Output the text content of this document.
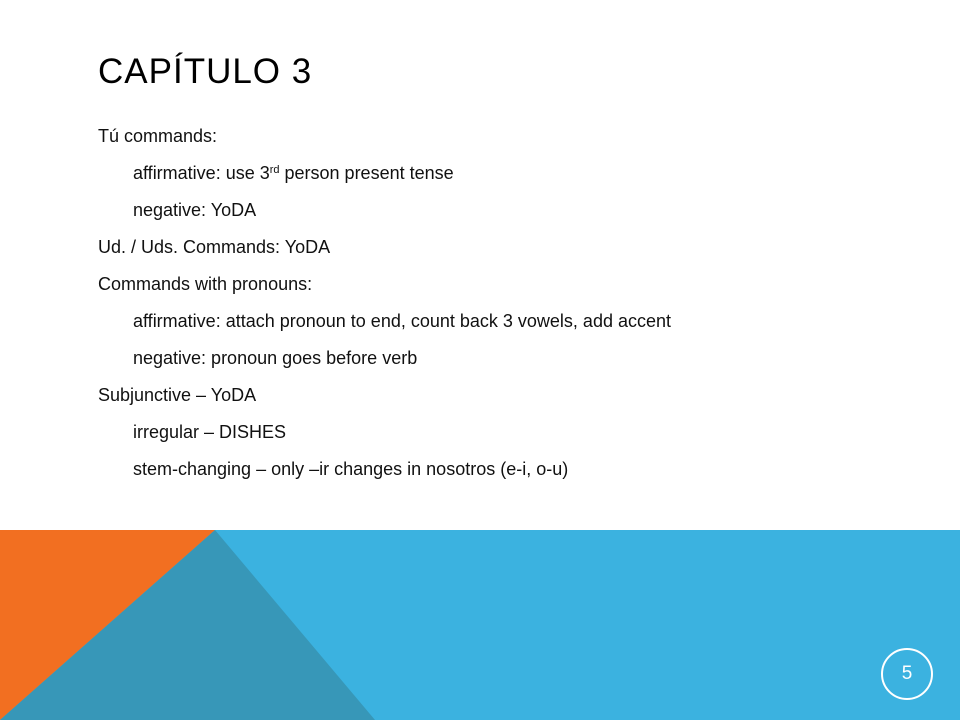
CAPÍTULO 3
Tú commands:
affirmative: use 3rd person present tense
negative: YoDA
Ud. / Uds. Commands: YoDA
Commands with pronouns:
affirmative: attach pronoun to end, count back 3 vowels, add accent
negative: pronoun goes before verb
Subjunctive – YoDA
irregular – DISHES
stem-changing – only –ir changes in nosotros (e-i, o-u)
5
